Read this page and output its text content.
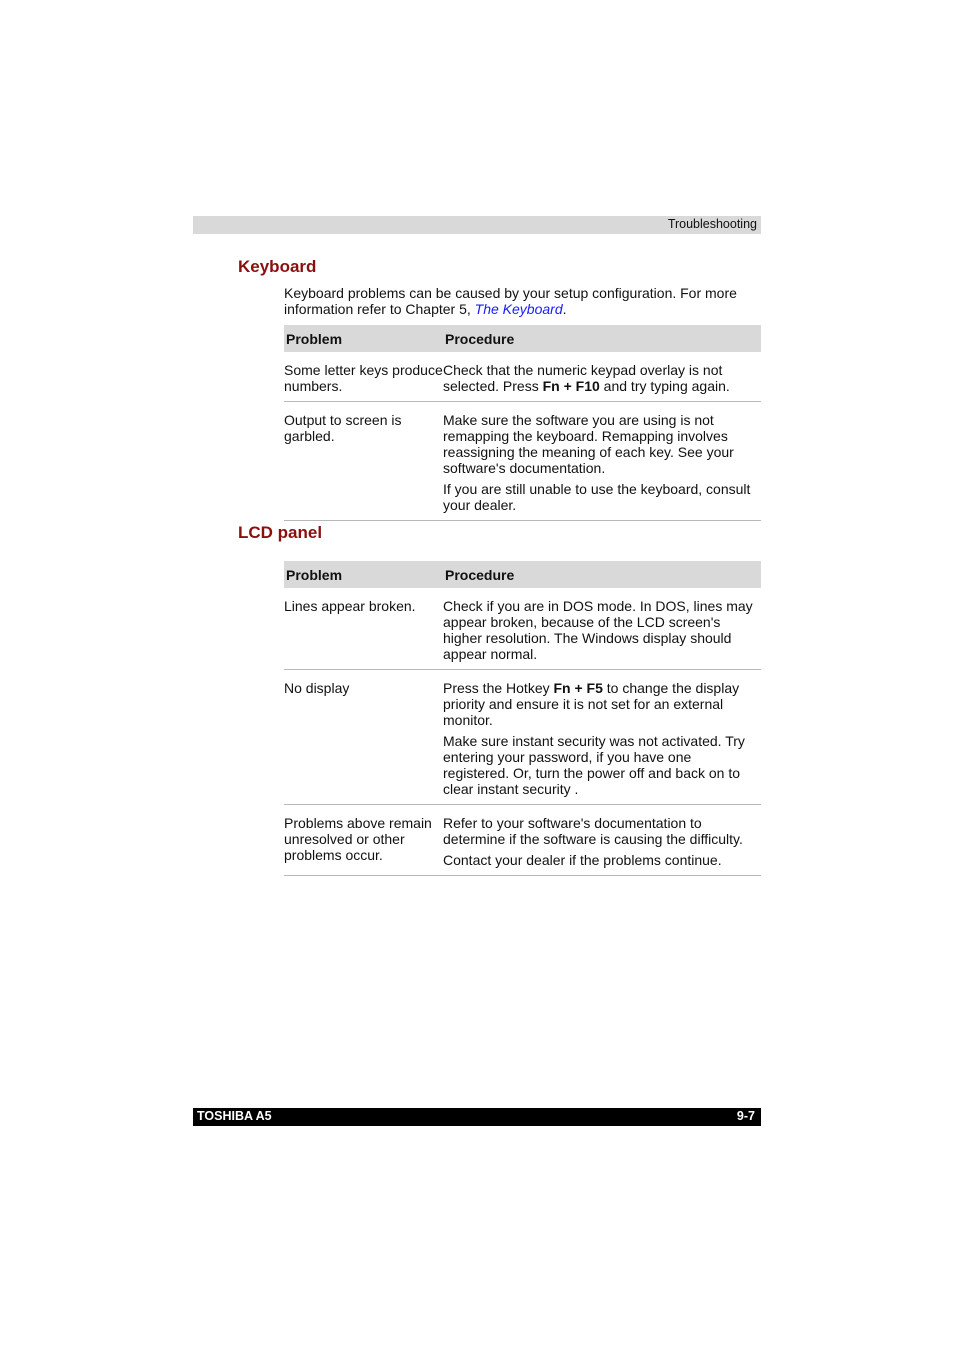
Troubleshooting
Keyboard

Keyboard problems can be caused by your setup configuration. For more information refer to Chapter 5, The Keyboard.

Problem	Procedure
Some letter keys produce numbers.	Check that the numeric keypad overlay is not selected. Press Fn + F10 and try typing again.

Output to screen is garbled.	Make sure the software you are using is not remapping the keyboard. Remapping involves reassigning the meaning of each key. See your software's documentation.

If you are still unable to use the keyboard, consult your dealer.

LCD panel
Problem	Procedure
Lines appear broken.	Check if you are in DOS mode. In DOS, lines may appear broken, because of the LCD screen's higher resolution. The Windows display should appear normal.

No display	Press the Hotkey Fn + F5 to change the display priority and ensure it is not set for an external monitor.

Make sure instant security was not activated. Try entering your password, if you have one registered. Or, turn the power off and back on to clear instant security .

Problems above remain unresolved or other problems occur.	Refer to your software's documentation to determine if the software is causing the difficulty.

Contact your dealer if the problems continue.

TOSHIBA A5	9-7
